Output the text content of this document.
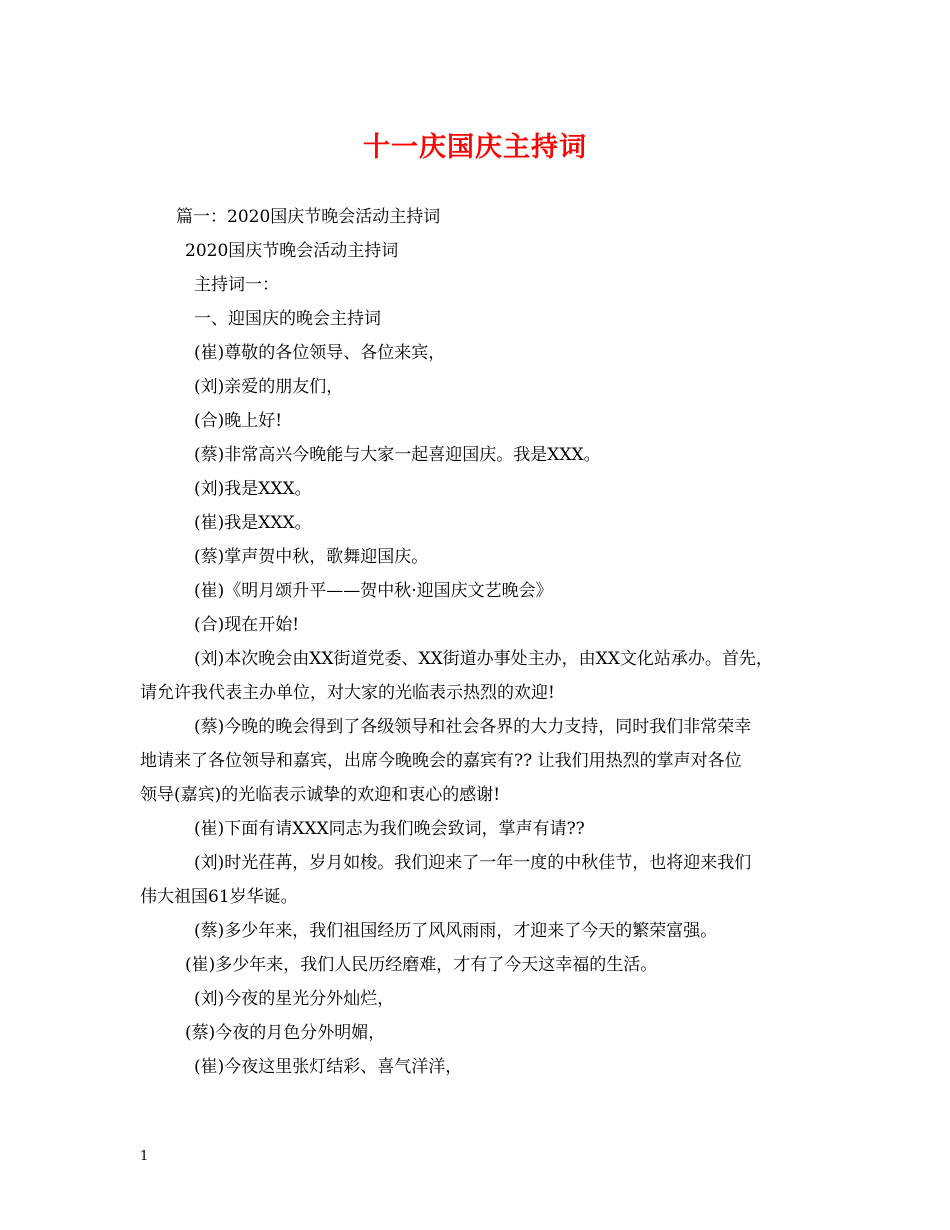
十一庆国庆主持词
篇一：2020国庆节晚会活动主持词
2020国庆节晚会活动主持词
主持词一：
一、迎国庆的晚会主持词
(崔)尊敬的各位领导、各位来宾，
(刘)亲爱的朋友们，
(合)晚上好!
(蔡)非常高兴今晚能与大家一起喜迎国庆。我是XXX。
(刘)我是XXX。
(崔)我是XXX。
(蔡)掌声贺中秋，歌舞迎国庆。
(崔)《明月颂升平——贺中秋·迎国庆文艺晚会》
(合)现在开始!
(刘)本次晚会由XX街道党委、XX街道办事处主办，由XX文化站承办。首先，
请允许我代表主办单位，对大家的光临表示热烈的欢迎!
(蔡)今晚的晚会得到了各级领导和社会各界的大力支持，同时我们非常荣幸
地请来了各位领导和嘉宾，出席今晚晚会的嘉宾有?? 让我们用热烈的掌声对各位
领导(嘉宾)的光临表示诚挚的欢迎和衷心的感谢!
(崔)下面有请XXX同志为我们晚会致词，掌声有请??
(刘)时光荏苒，岁月如梭。我们迎来了一年一度的中秋佳节，也将迎来我们
伟大祖国61岁华诞。
(蔡)多少年来，我们祖国经历了风风雨雨，才迎来了今天的繁荣富强。
(崔)多少年来，我们人民历经磨难，才有了今天这幸福的生活。
(刘)今夜的星光分外灿烂，
(蔡)今夜的月色分外明媚，
(崔)今夜这里张灯结彩、喜气洋洋，
1
